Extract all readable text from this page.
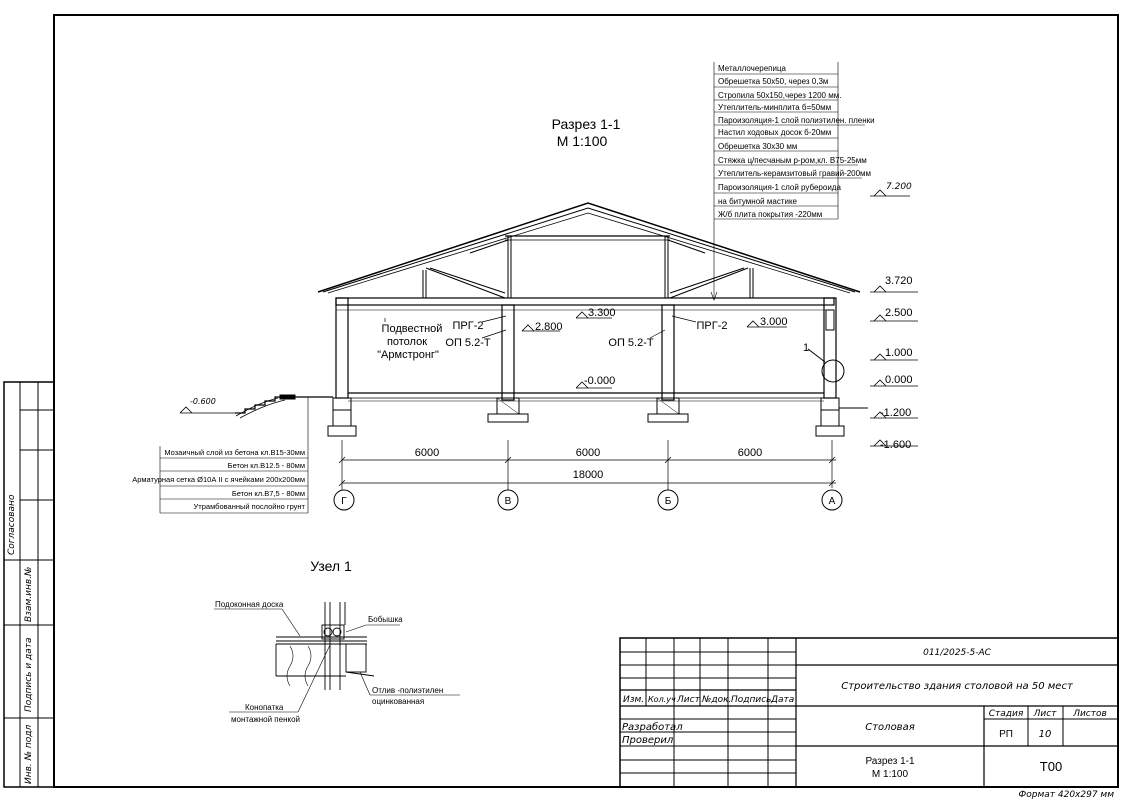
Согласовано
Взам.инв.№
Подпись и дата
Инв. № подл
Разрез 1-1
М 1:100
Подвестной
потолок
"Армстронг"
ПРГ-2
ОП 5.2-Т
ПРГ-2
ОП 5.2-Т	1
3.300
2.800	3.000
-0.000
-0.600
3.720
2.500
1.000
0.000
-1.200
-1.600
7.200
Металлочерепица
Обрешетка 50х50, через 0,3м
Стропила 50х150,через 1200 мм.
Утеплитель-минплита б=50мм
Пароизоляция-1 слой полиэтилен. пленки
Настил ходовых досок б-20мм
Обрешетка 30х30 мм
Стяжка ц/песчаным р-ром,кл. В75-25мм
Утеплитель-керамзитовый гравий-200мм
Пароизоляция-1 слой рубероида
на битумной мастике
Ж/б плита покрытия -220мм
6000	6000	6000
18000
Г	В	Б	А
Мозаичный слой из бетона кл.В15-30мм
Бетон кл.В12.5 - 80мм
Арматурная сетка Ø10А II с ячейками 200х200мм
Бетон кл.В7,5 - 80мм
Утрамбованный послойно грунт
Узел 1
Подоконная доска
Бобышка
Отлив -полиэтилен
оцинкованная
Конопатка
монтажной пенкой
Изм. Кол.уч Лист №док. Подпись Дата
Разработал
Проверил
011/2025-5-АС
Строительство здания столовой на 50 мест
Столовая
Разрез 1-1
М 1:100
Стадия Лист Листов
РП	10
Т00
Формат 420х297 мм
